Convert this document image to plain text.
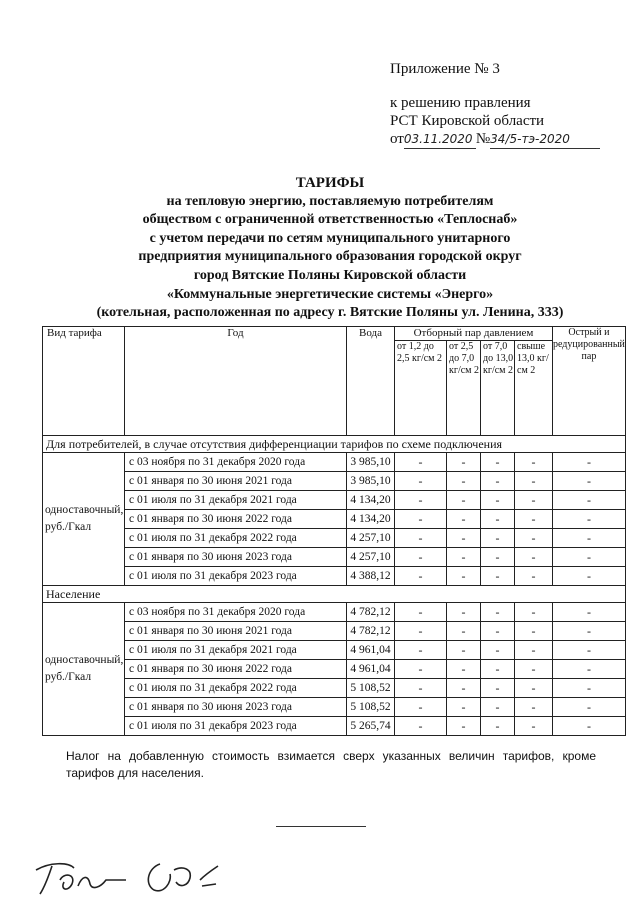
Приложение № 3
к решению правления
РСТ Кировской области
от03.11.2020 №34/5-тэ-2020
ТАРИФЫ
на тепловую энергию, поставляемую потребителям
обществом с ограниченной ответственностью «Теплоснаб»
с учетом передачи по сетям муниципального унитарного
предприятия муниципального образования городской округ
город Вятские Поляны Кировской области
«Коммунальные энергетические системы «Энерго»
(котельная, расположенная по адресу г. Вятские Поляны ул. Ленина, 333)
Вид тарифа	Год	Вода	Отборный пар давлением				Острый и редуцированный пар
			от 1,2 до 2,5 кг/см 2	от 2,5 до 7,0 кг/см 2	от 7,0 до 13,0 кг/см 2	свыше 13,0 кг/см 2	
Для потребителей, в случае отсутствия дифференциации тарифов по схеме подключения							
одноставочный, руб./Гкал	с 03 ноября по 31 декабря 2020 года	3 985,10	-	-	-	-	-
	с 01 января по 30 июня 2021 года	3 985,10	-	-	-	-	-
	с 01 июля по 31 декабря 2021 года	4 134,20	-	-	-	-	-
	с 01 января по 30 июня 2022 года	4 134,20	-	-	-	-	-
	с 01 июля по 31 декабря 2022 года	4 257,10	-	-	-	-	-
	с 01 января по 30 июня 2023 года	4 257,10	-	-	-	-	-
	с 01 июля по 31 декабря 2023 года	4 388,12	-	-	-	-	-
Население							
одноставочный, руб./Гкал	с 03 ноября по 31 декабря 2020 года	4 782,12	-	-	-	-	-
	с 01 января по 30 июня 2021 года	4 782,12	-	-	-	-	-
	с 01 июля по 31 декабря 2021 года	4 961,04	-	-	-	-	-
	с 01 января по 30 июня 2022 года	4 961,04	-	-	-	-	-
	с 01 июля по 31 декабря 2022 года	5 108,52	-	-	-	-	-
	с 01 января по 30 июня 2023 года	5 108,52	-	-	-	-	-
	с 01 июля по 31 декабря 2023 года	5 265,74	-	-	-	-	-
Налог на добавленную стоимость взимается сверх указанных величин тарифов, кроме тарифов для населения.
